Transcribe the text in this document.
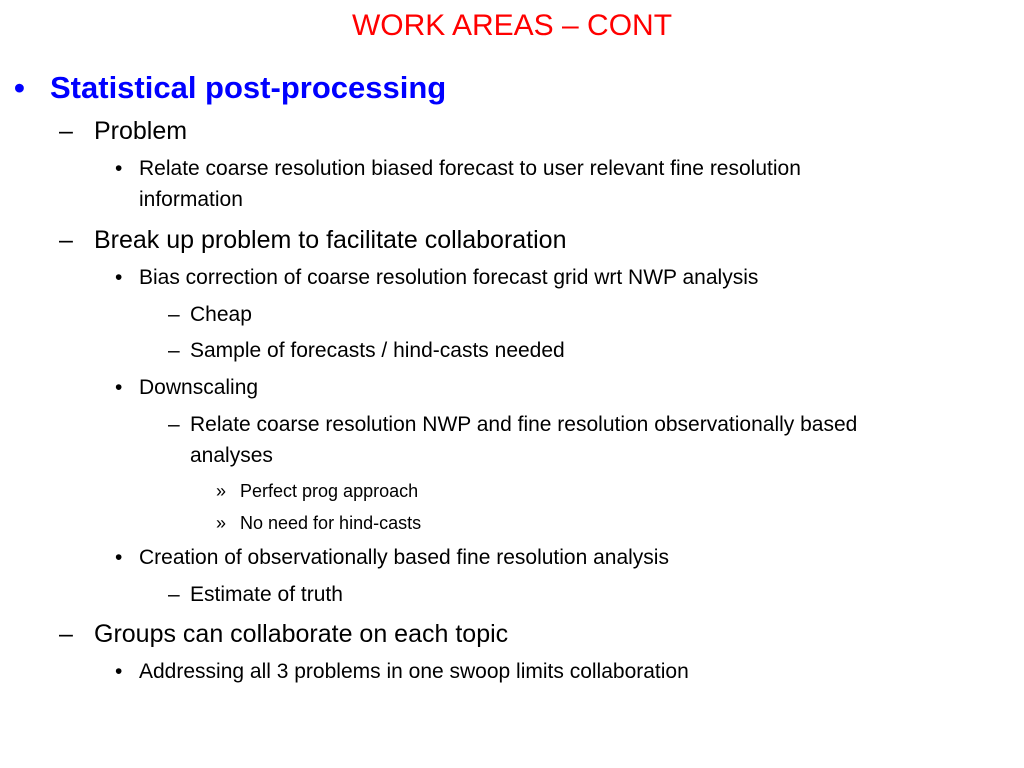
WORK AREAS – CONT
• Statistical post-processing
– Problem
• Relate coarse resolution biased forecast to user relevant fine resolution
information
– Break up problem to facilitate collaboration
• Bias correction of coarse resolution forecast grid wrt NWP analysis
– Cheap
– Sample of forecasts / hind-casts needed
• Downscaling
– Relate coarse resolution NWP and fine resolution observationally based
analyses
» Perfect prog approach
» No need for hind-casts
• Creation of observationally based fine resolution analysis
– Estimate of truth
– Groups can collaborate on each topic
• Addressing all 3 problems in one swoop limits collaboration
